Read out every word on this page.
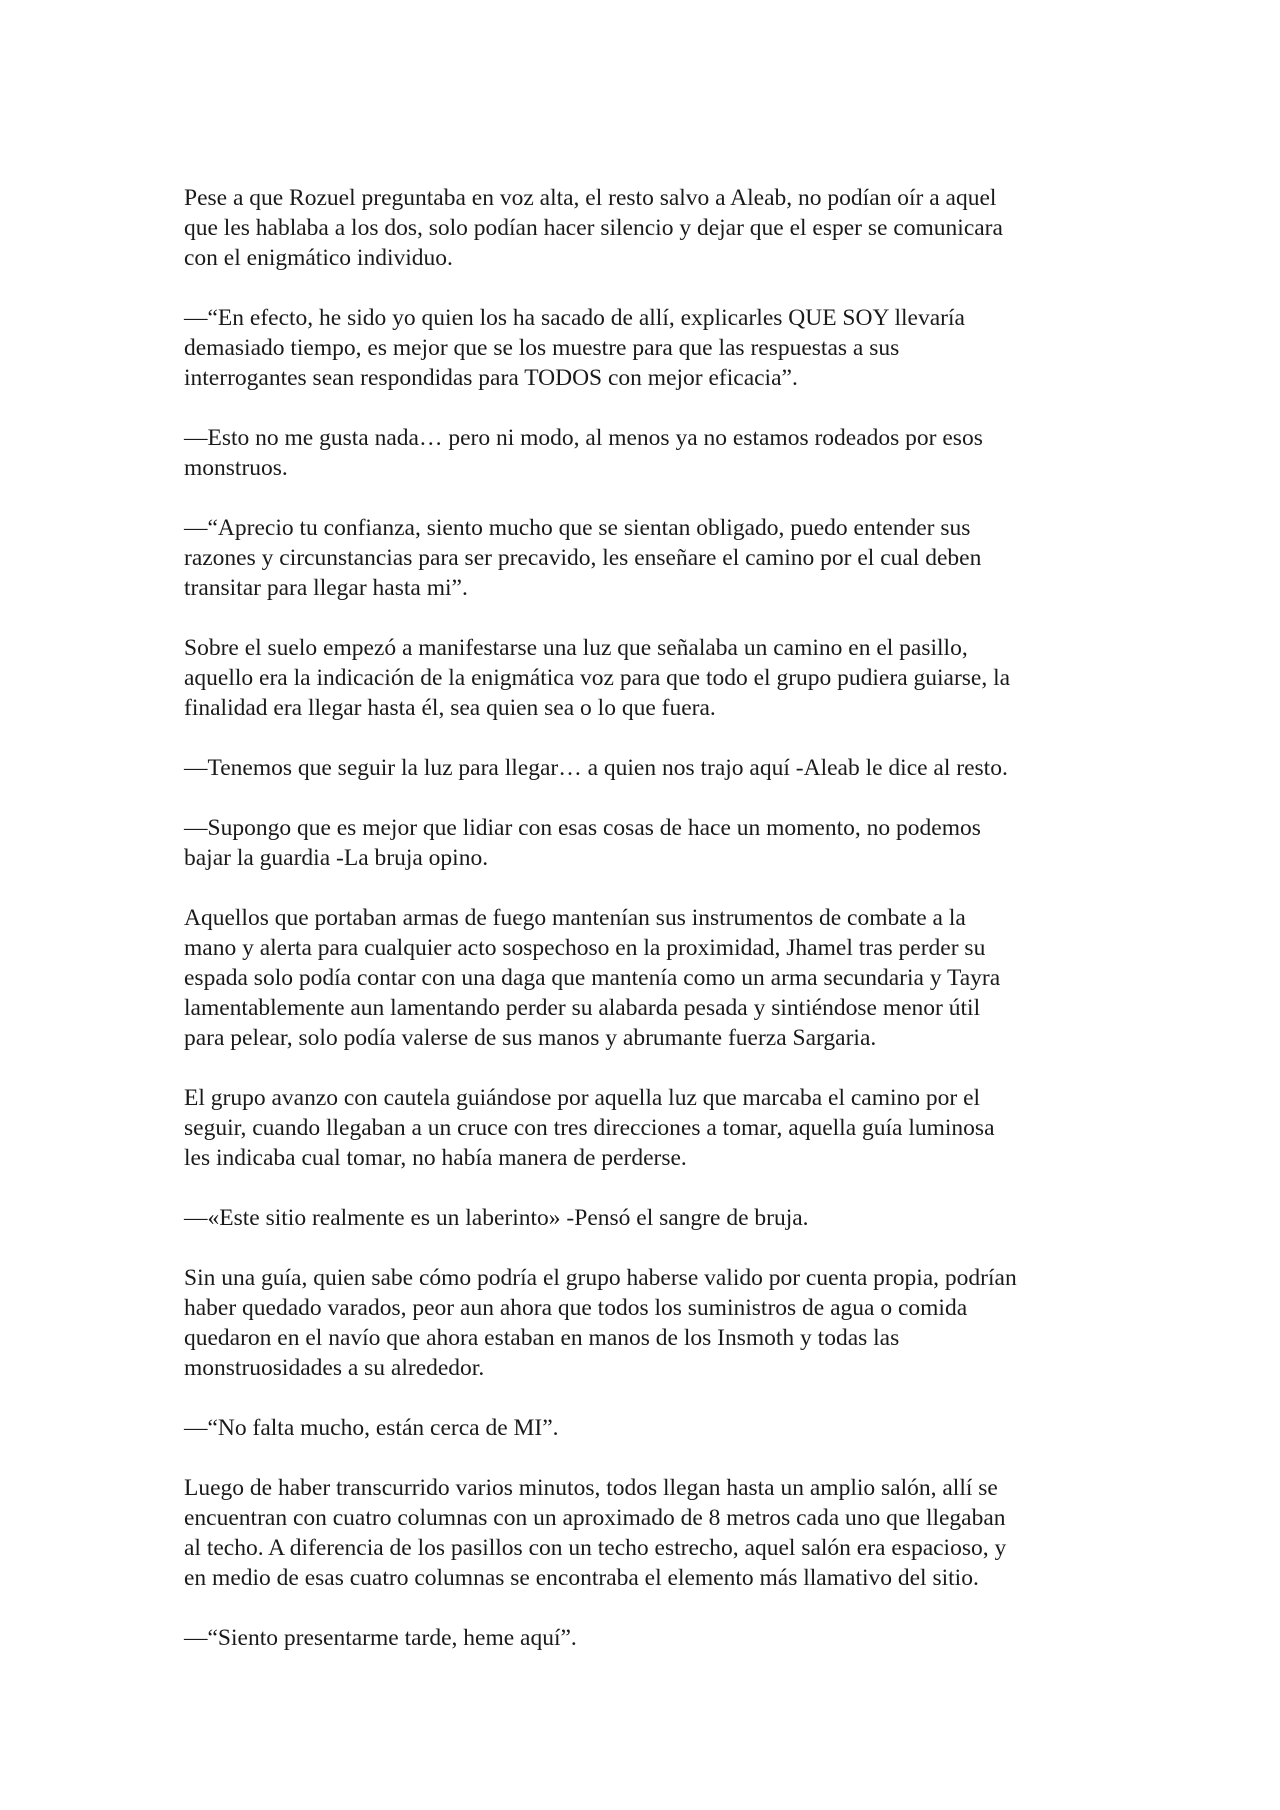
Pese a que Rozuel preguntaba en voz alta, el resto salvo a Aleab, no podían oír a aquel
que les hablaba a los dos, solo podían hacer silencio y dejar que el esper se comunicara
con el enigmático individuo.

—“En efecto, he sido yo quien los ha sacado de allí, explicarles QUE SOY llevaría
demasiado tiempo, es mejor que se los muestre para que las respuestas a sus
interrogantes sean respondidas para TODOS con mejor eficacia”.

—Esto no me gusta nada… pero ni modo, al menos ya no estamos rodeados por esos
monstruos.

—“Aprecio tu confianza, siento mucho que se sientan obligado, puedo entender sus
razones y circunstancias para ser precavido, les enseñare el camino por el cual deben
transitar para llegar hasta mi”.

Sobre el suelo empezó a manifestarse una luz que señalaba un camino en el pasillo,
aquello era la indicación de la enigmática voz para que todo el grupo pudiera guiarse, la
finalidad era llegar hasta él, sea quien sea o lo que fuera.

—Tenemos que seguir la luz para llegar… a quien nos trajo aquí -Aleab le dice al resto.

—Supongo que es mejor que lidiar con esas cosas de hace un momento, no podemos
bajar la guardia -La bruja opino.

Aquellos que portaban armas de fuego mantenían sus instrumentos de combate a la
mano y alerta para cualquier acto sospechoso en la proximidad, Jhamel tras perder su
espada solo podía contar con una daga que mantenía como un arma secundaria y Tayra
lamentablemente aun lamentando perder su alabarda pesada y sintiéndose menor útil
para pelear, solo podía valerse de sus manos y abrumante fuerza Sargaria.

El grupo avanzo con cautela guiándose por aquella luz que marcaba el camino por el
seguir, cuando llegaban a un cruce con tres direcciones a tomar, aquella guía luminosa
les indicaba cual tomar, no había manera de perderse.

—«Este sitio realmente es un laberinto» -Pensó el sangre de bruja.

Sin una guía, quien sabe cómo podría el grupo haberse valido por cuenta propia, podrían
haber quedado varados, peor aun ahora que todos los suministros de agua o comida
quedaron en el navío que ahora estaban en manos de los Insmoth y todas las
monstruosidades a su alrededor.

—“No falta mucho, están cerca de MI”.

Luego de haber transcurrido varios minutos, todos llegan hasta un amplio salón, allí se
encuentran con cuatro columnas con un aproximado de 8 metros cada uno que llegaban
al techo. A diferencia de los pasillos con un techo estrecho, aquel salón era espacioso, y
en medio de esas cuatro columnas se encontraba el elemento más llamativo del sitio.

—“Siento presentarme tarde, heme aquí”.
